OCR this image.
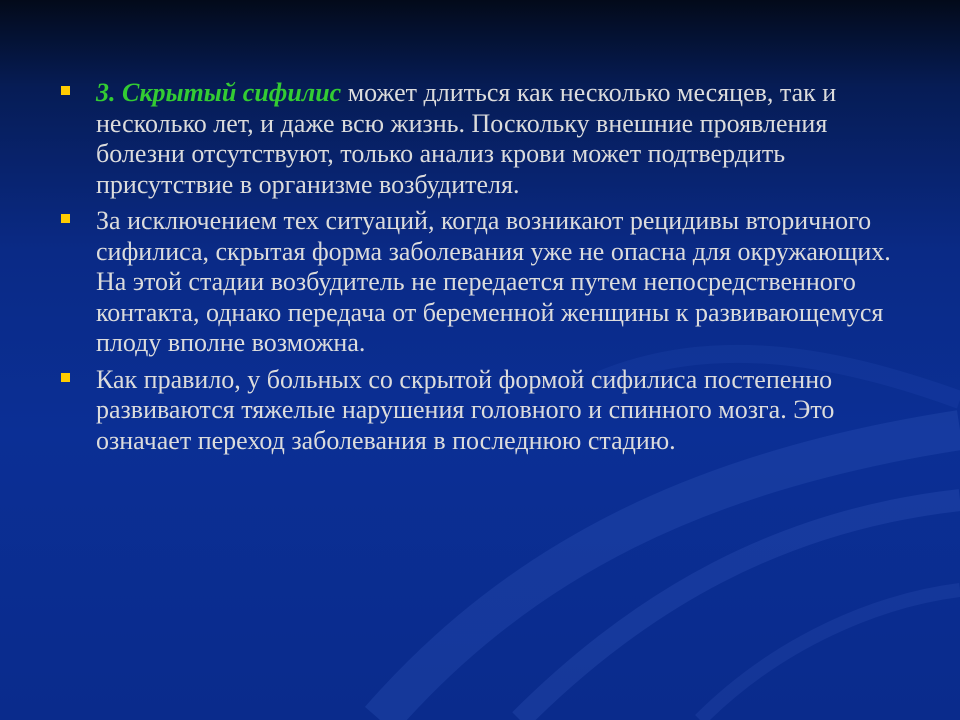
3. Скрытый сифилис может длиться как несколько месяцев, так и несколько лет, и даже всю жизнь. Поскольку внешние проявления болезни отсутствуют, только анализ крови может подтвердить присутствие в организме возбудителя.
За исключением тех ситуаций, когда возникают рецидивы вторичного сифилиса, скрытая форма заболевания уже не опасна для окружающих. На этой стадии возбудитель не передается путем непосредственного контакта, однако передача от беременной женщины к развивающемуся плоду вполне возможна.
Как правило, у больных со скрытой формой сифилиса постепенно развиваются тяжелые нарушения головного и спинного мозга. Это означает переход заболевания в последнюю стадию.
